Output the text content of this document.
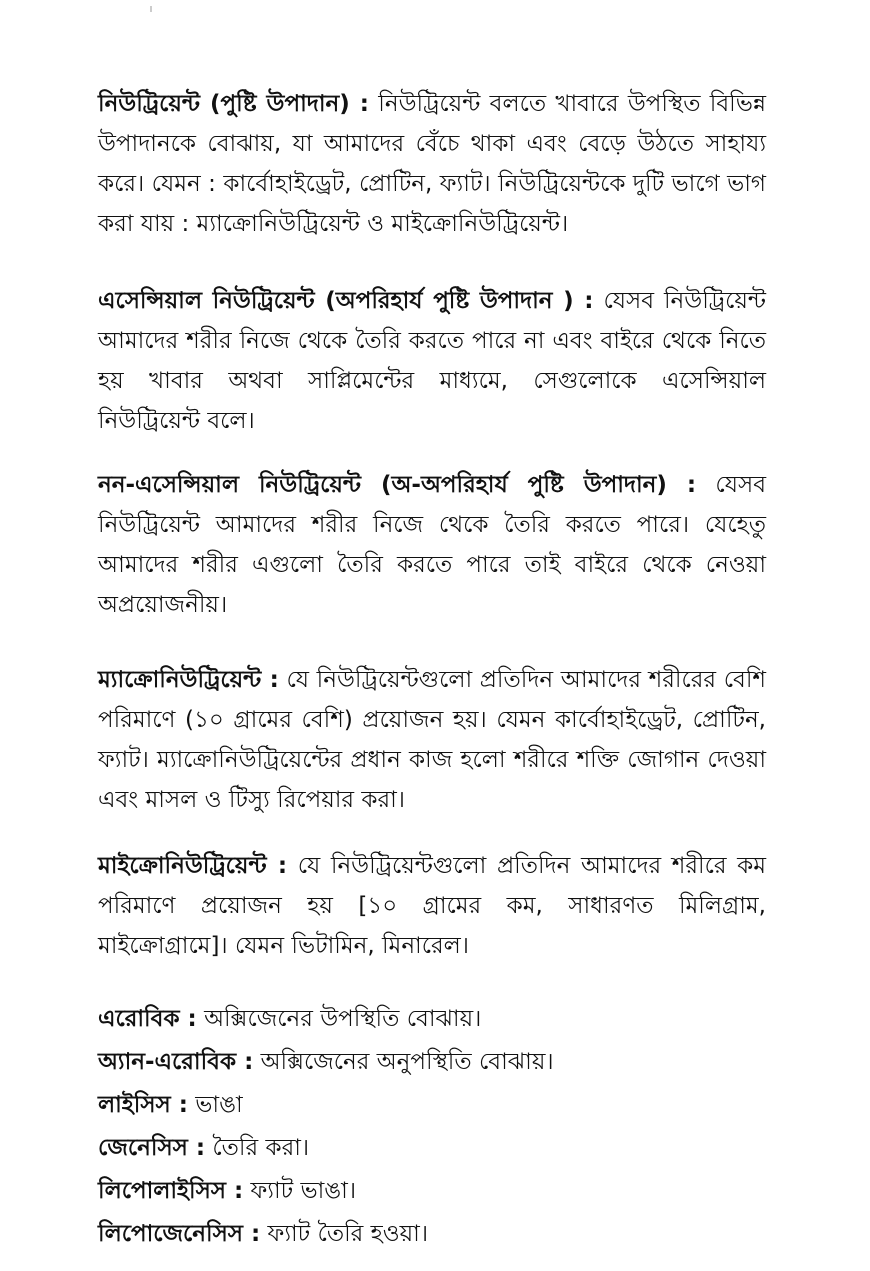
নিউট্রিয়েন্ট (পুষ্টি উপাদান) : নিউট্রিয়েন্ট বলতে খাবারে উপস্থিত বিভিন্ন উপাদানকে বোঝায়, যা আমাদের বেঁচে থাকা এবং বেড়ে উঠতে সাহায্য করে। যেমন : কার্বোহাইড্রেট, প্রোটিন, ফ্যাট। নিউট্রিয়েন্টকে দুটি ভাগে ভাগ করা যায় : ম্যাক্রোনিউট্রিয়েন্ট ও মাইক্রোনিউট্রিয়েন্ট।

এসেন্সিয়াল নিউট্রিয়েন্ট (অপরিহার্য পুষ্টি উপাদান ) : যেসব নিউট্রিয়েন্ট আমাদের শরীর নিজে থেকে তৈরি করতে পারে না এবং বাইরে থেকে নিতে হয় খাবার অথবা সাপ্লিমেন্টের মাধ্যমে, সেগুলোকে এসেন্সিয়াল নিউট্রিয়েন্ট বলে।

নন-এসেন্সিয়াল নিউট্রিয়েন্ট (অ-অপরিহার্য পুষ্টি উপাদান) : যেসব নিউট্রিয়েন্ট আমাদের শরীর নিজে থেকে তৈরি করতে পারে। যেহেতু আমাদের শরীর এগুলো তৈরি করতে পারে তাই বাইরে থেকে নেওয়া অপ্রয়োজনীয়।

ম্যাক্রোনিউট্রিয়েন্ট : যে নিউট্রিয়েন্টগুলো প্রতিদিন আমাদের শরীরের বেশি পরিমাণে (১০ গ্রামের বেশি) প্রয়োজন হয়। যেমন কার্বোহাইড্রেট, প্রোটিন, ফ্যাট। ম্যাক্রোনিউট্রিয়েন্টের প্রধান কাজ হলো শরীরে শক্তি জোগান দেওয়া এবং মাসল ও টিস্যু রিপেয়ার করা।

মাইক্রোনিউট্রিয়েন্ট : যে নিউট্রিয়েন্টগুলো প্রতিদিন আমাদের শরীরে কম পরিমাণে প্রয়োজন হয় [১০ গ্রামের কম, সাধারণত মিলিগ্রাম, মাইক্রোগ্রামে]। যেমন ভিটামিন, মিনারেল।

এরোবিক : অক্সিজেনের উপস্থিতি বোঝায়।
অ্যান-এরোবিক : অক্সিজেনের অনুপস্থিতি বোঝায়।
লাইসিস : ভাঙা
জেনেসিস : তৈরি করা।
লিপোলাইসিস : ফ্যাট ভাঙা।
লিপোজেনেসিস : ফ্যাট তৈরি হওয়া।
